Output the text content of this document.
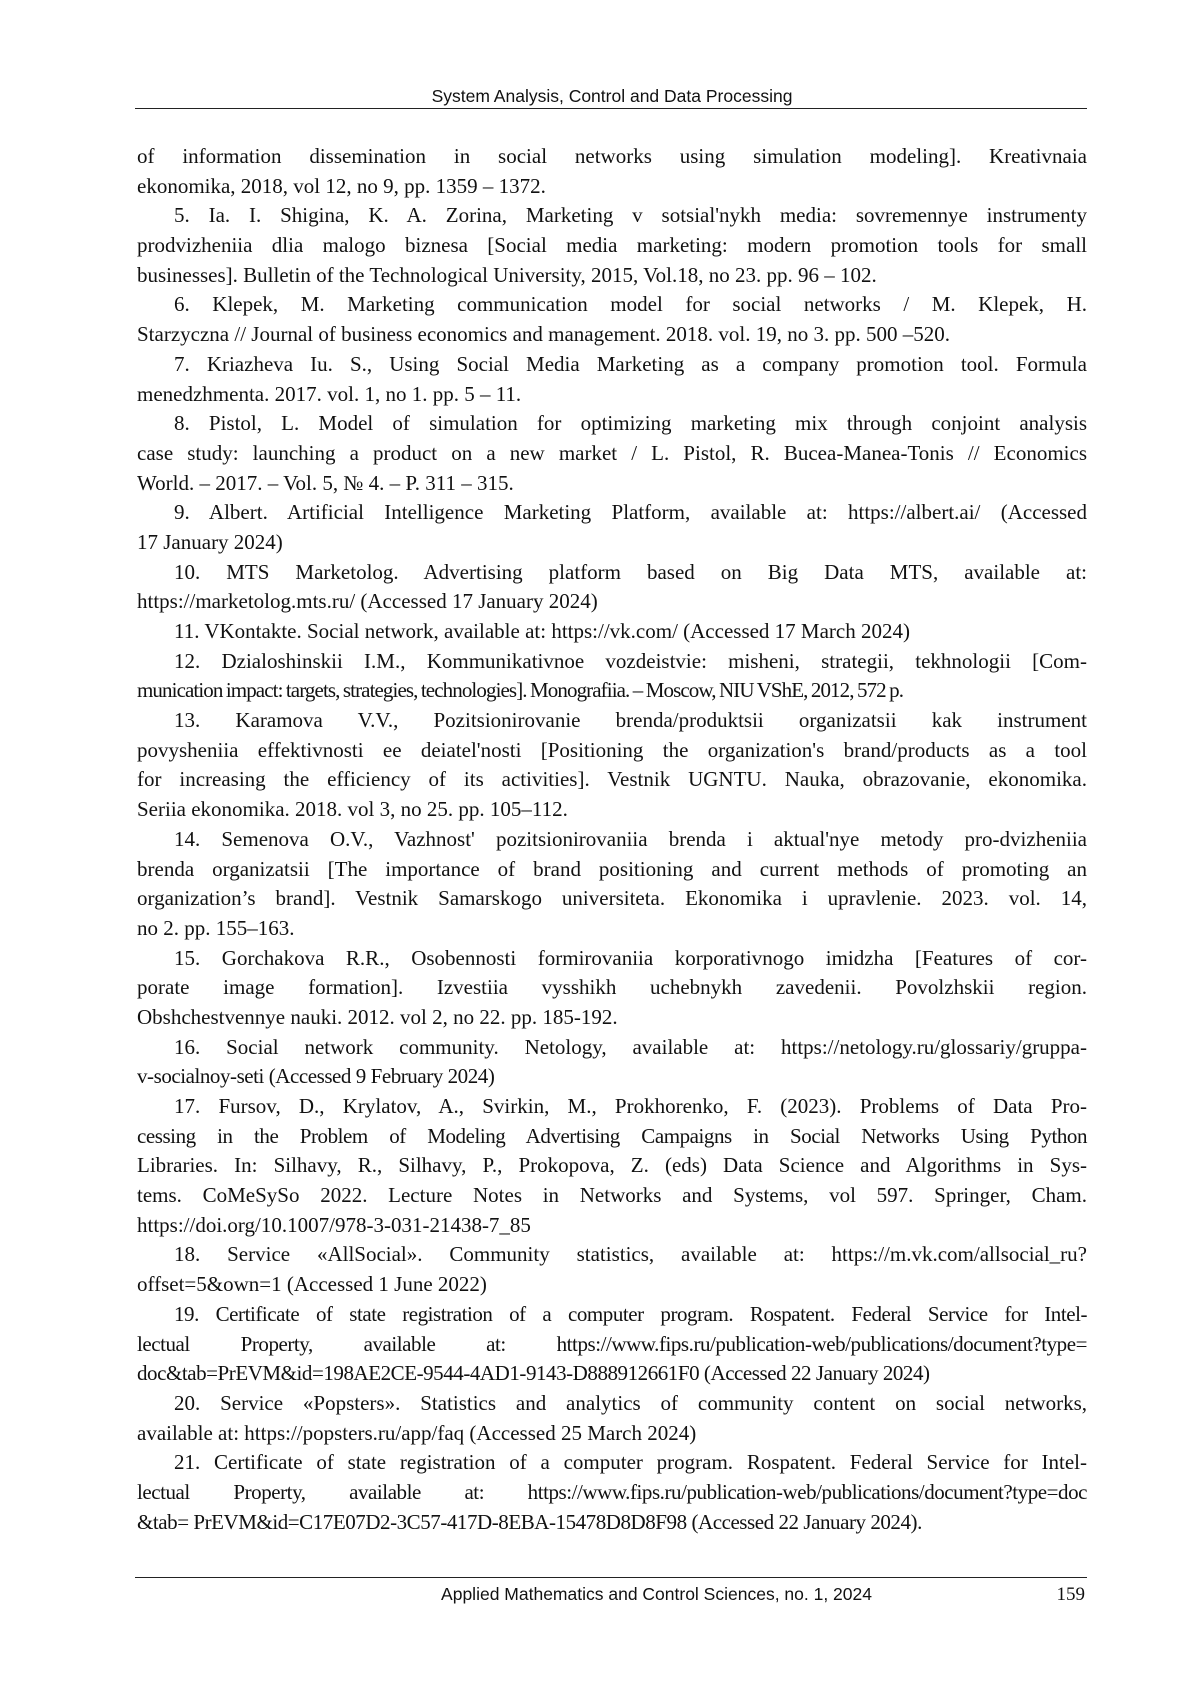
System Analysis, Control and Data Processing
of information dissemination in social networks using simulation modeling]. Kreativnaia
ekonomika, 2018, vol 12, no 9, pp. 1359 – 1372.
5. Ia. I. Shigina, K. A. Zorina, Marketing v sotsial'nykh media: sovremennye instrumenty
prodvizheniia dlia malogo biznesa [Social media marketing: modern promotion tools for small
businesses]. Bulletin of the Technological University, 2015, Vol.18, no 23. pp. 96 – 102.
6. Klepek, M. Marketing communication model for social networks / M. Klepek, H.
Starzyczna // Journal of business economics and management. 2018. vol. 19, no 3. pp. 500 –520.
7. Kriazheva Iu. S., Using Social Media Marketing as a company promotion tool. Formula
menedzhmenta. 2017. vol. 1, no 1. pp. 5 – 11.
8. Pistol, L. Model of simulation for optimizing marketing mix through conjoint analysis
case study: launching a product on a new market / L. Pistol, R. Bucea-Manea-Tonis // Economics
World. – 2017. – Vol. 5, № 4. – P. 311 – 315.
9. Albert. Artificial Intelligence Marketing Platform, available at: https://albert.ai/ (Accessed
17 January 2024)
10. MTS Marketolog. Advertising platform based on Big Data MTS, available at:
https://marketolog.mts.ru/ (Accessed 17 January 2024)
11. VKontakte. Social network, available at: https://vk.com/ (Accessed 17 March 2024)
12. Dzialoshinskii I.M., Kommunikativnoe vozdeistvie: misheni, strategii, tekhnologii [Com-
munication impact: targets, strategies, technologies]. Monografiia. – Moscow, NIU VShE, 2012, 572 p.
13. Karamova V.V., Pozitsionirovanie brenda/produktsii organizatsii kak instrument
povysheniia effektivnosti ee deiatel'nosti [Positioning the organization's brand/products as a tool
for increasing the efficiency of its activities]. Vestnik UGNTU. Nauka, obrazovanie, ekonomika.
Seriia ekonomika. 2018. vol 3, no 25. pp. 105–112.
14. Semenova O.V., Vazhnost' pozitsionirovaniia brenda i aktual'nye metody pro-dvizheniia
brenda organizatsii [The importance of brand positioning and current methods of promoting an
organization’s brand]. Vestnik Samarskogo universiteta. Ekonomika i upravlenie. 2023. vol. 14,
no 2. pp. 155–163.
15. Gorchakova R.R., Osobennosti formirovaniia korporativnogo imidzha [Features of cor-
porate image formation]. Izvestiia vysshikh uchebnykh zavedenii. Povolzhskii region.
Obshchestvennye nauki. 2012. vol 2, no 22. pp. 185-192.
16. Social network community. Netology, available at: https://netology.ru/glossariy/gruppa-
v-socialnoy-seti (Accessed 9 February 2024)
17. Fursov, D., Krylatov, A., Svirkin, M., Prokhorenko, F. (2023). Problems of Data Pro-
cessing in the Problem of Modeling Advertising Campaigns in Social Networks Using Python
Libraries. In: Silhavy, R., Silhavy, P., Prokopova, Z. (eds) Data Science and Algorithms in Sys-
tems. CoMeSySo 2022. Lecture Notes in Networks and Systems, vol 597. Springer, Cham.
https://doi.org/10.1007/978-3-031-21438-7_85
18. Service «AllSocial». Community statistics, available at: https://m.vk.com/allsocial_ru?
offset=5&own=1 (Accessed 1 June 2022)
19. Certificate of state registration of a computer program. Rospatent. Federal Service for Intel-
lectual Property, available at: https://www.fips.ru/publication-web/publications/document?type=
doc&tab=PrEVM&id=198AE2CE-9544-4AD1-9143-D888912661F0 (Accessed 22 January 2024)
20. Service «Popsters». Statistics and analytics of community content on social networks,
available at: https://popsters.ru/app/faq (Accessed 25 March 2024)
21. Certificate of state registration of a computer program. Rospatent. Federal Service for Intel-
lectual Property, available at: https://www.fips.ru/publication-web/publications/document?type=doc
&tab= PrEVM&id=C17E07D2-3C57-417D-8EBA-15478D8D8F98 (Accessed 22 January 2024).
Applied Mathematics and Control Sciences, no. 1, 2024	159
